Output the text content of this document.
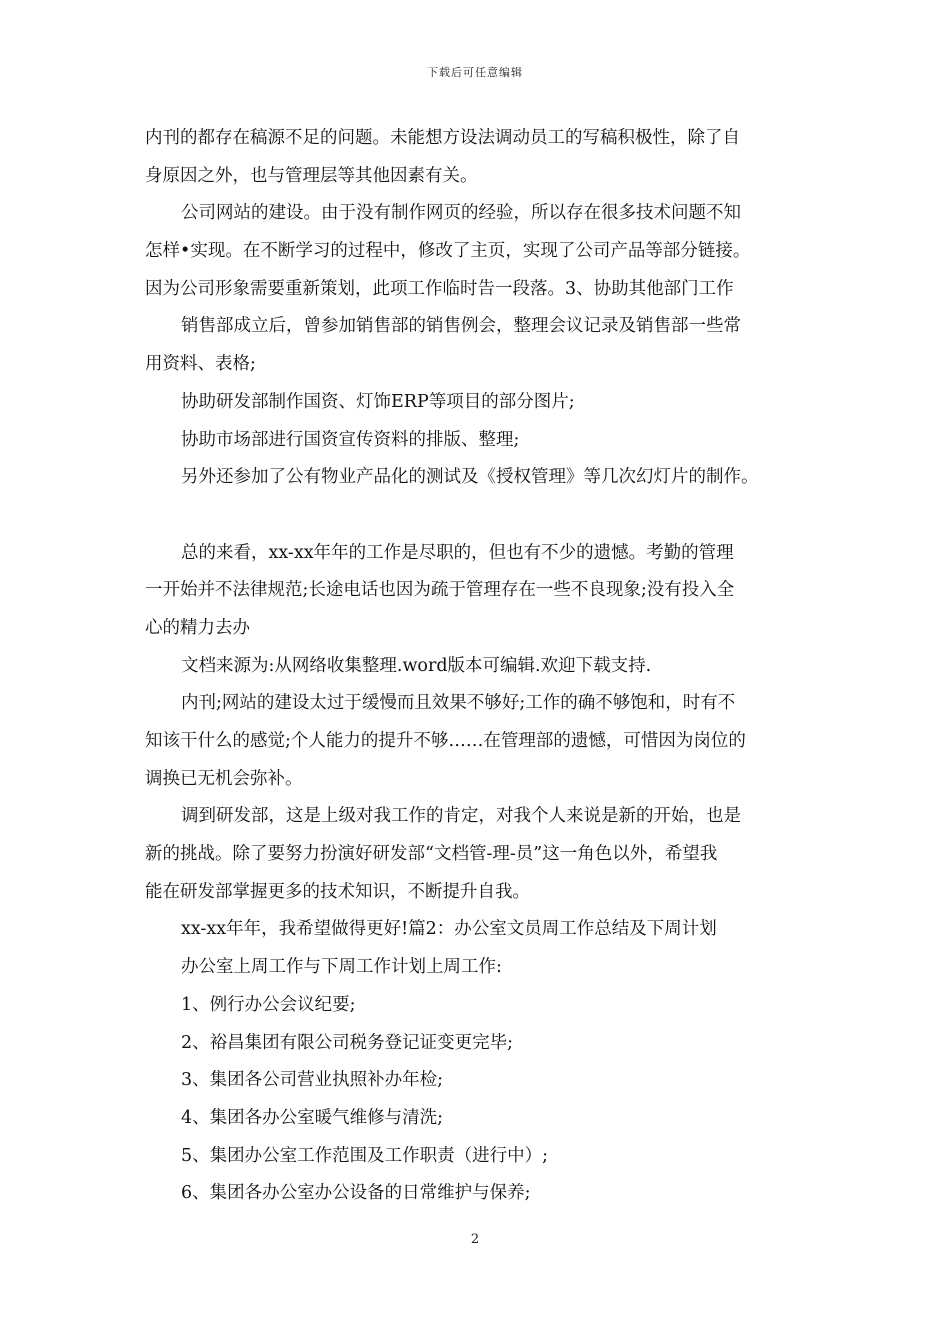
下载后可任意编辑
内刊的都存在稿源不足的问题。未能想方设法调动员工的写稿积极性，除了自
身原因之外，也与管理层等其他因素有关。
公司网站的建设。由于没有制作网页的经验，所以存在很多技术问题不知
怎样•实现。在不断学习的过程中，修改了主页，实现了公司产品等部分链接。
因为公司形象需要重新策划，此项工作临时告一段落。3、协助其他部门工作
销售部成立后，曾参加销售部的销售例会，整理会议记录及销售部一些常
用资料、表格;
协助研发部制作国资、灯饰ERP等项目的部分图片;
协助市场部进行国资宣传资料的排版、整理;
另外还参加了公有物业产品化的测试及《授权管理》等几次幻灯片的制作。
总的来看，xx-xx年年的工作是尽职的，但也有不少的遗憾。考勤的管理
一开始并不法律规范;长途电话也因为疏于管理存在一些不良现象;没有投入全
心的精力去办
文档来源为:从网络收集整理.word版本可编辑.欢迎下载支持.
内刊;网站的建设太过于缓慢而且效果不够好;工作的确不够饱和，时有不
知该干什么的感觉;个人能力的提升不够……在管理部的遗憾，可惜因为岗位的
调换已无机会弥补。
调到研发部，这是上级对我工作的肯定，对我个人来说是新的开始，也是
新的挑战。除了要努力扮演好研发部“文档管-理-员”这一角色以外，希望我
能在研发部掌握更多的技术知识，不断提升自我。
xx-xx年年，我希望做得更好!篇2：办公室文员周工作总结及下周计划
办公室上周工作与下周工作计划上周工作:
1、例行办公会议纪要;
2、裕昌集团有限公司税务登记证变更完毕;
3、集团各公司营业执照补办年检;
4、集团各办公室暖气维修与清洗;
5、集团办公室工作范围及工作职责（进行中）;
6、集团各办公室办公设备的日常维护与保养;
2
